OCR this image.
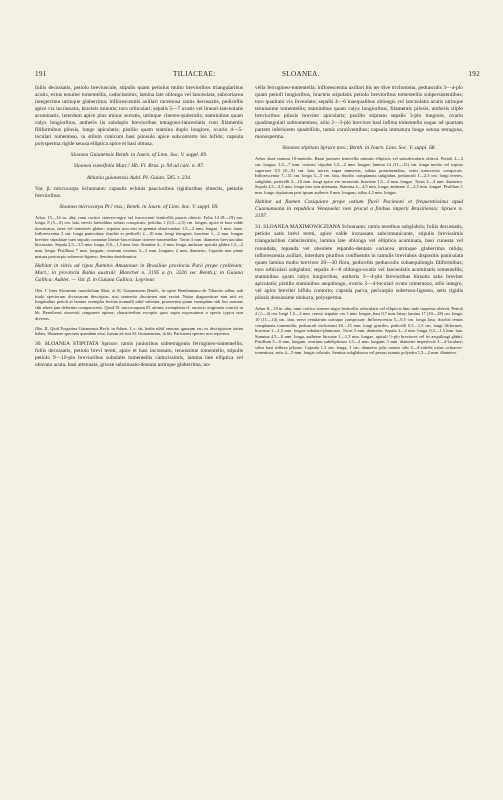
191	TILIACEAE:	SLOANEA.	192

foliis decussatis, petiolo breviuscule, stipulis quam petiolus multo brevioribus triangularibus acutis, extus tenuiter tomentellis, caducissimis, lamina late oblonga vel lanceolata, subcoriacea integerrima utrinque glaberrima; inflorescentiis axillari racemosa ramis decussatis, pedicellis apice vix incrassatis, bracteis minutis; toro orbiculari; sepalis 5—7 ovatis vel lineari-lanceolatis acuminatis, interdum apice plus minus serratis, utrinque cinereo-puberulis; staminibus quam calyx longioribus, antheris iis subduplo brevioribus tetragono-lanceolatis cum filamentis filiformibus pilosis, longe apiculatis; pistillo quam stamina duplo longiore, ovario 4—5-loculari tomentoso, in stilum conicum basi pilosulo apice subcontorto bis bifido; capsula polysperma rigide setosa elliptica apice et basi obtusa.

Sloanea Guianensis Benth. in Journ. of Linn. Soc. V. suppl. 69.

Sloanea cuneifolia Mart.! Hb. Fl. Bras. p. 94 ad calc. n. 87.

Ablania guianensis Aubl. Pl. Guian. 585. t. 234.

Var. β. microcarpa Schumann: capsulis echinis paucioribus rigidioribus obtectis, petiolis brevioribus.

Sloanea microcarpa Pl.! mss.; Benth. in Journ. of Linn. Soc. V. suppl. 69.

Arbor 15—16 m. alta; rami cortice cinereo-nigro vel fuscescenti lenticellis paucis obtecti. Folia 14 (8—19) cm. longa, 8 (5—8) cm. lata, nervis lateralibus subtus conspicuis; petiolus 1 (0,5—2,5) cm. longus, apice et basi valde incrassatus, teres vel semiteres glaber; stipulae non nisi in gemma observandae 1,5—2 mm. longae, 1 mm. latae. Inflorescentia 5 cm. longa paniculata; rhachis et pedicelli 2—10 mm. longi tetragoni, bracteae 1—2 mm. longae breviter stipulatae cum stipulis connatae lineari-lanceolatae cinereo-tomentellae. Torus 3 mm. diametro breviusculus bicostatus. Sepala 2,5—3,5 mm. longa, 0,8—1,5 mm. lata. Stamina 4—5 mm. longa, antherae apicula glabra 1,5—2 mm. longa. Pistillum 7 mm. longum; ovarium ovatum 3—3 mm. longum, 2 mm. diametro. Capsula non plane matura pericarpio suberoso-ligneso. Semina desiderantur.

Habitat in silvis ad ripas fluminis Amazonae in Brasiliae provincia Pará prope cynlleiam: Mart.; in provincia Bahia australi: Blanchet n. 3195 a (n. 3326 sec Benth.); in Guiana Gallica: Aublet. — Var. β. in Guiana Gallica: Leprieur.

Obs. I. Inter Sloaneam cuneifoliam Mart. et Sl. Guianensem Benth., in opere Bentlamiano de Tiliaceis adhuc sub titulo speciorum divorsarum descriptas, nisi sententia discrimen non exstat. Notae diagnosticae non nisi ex longitudine petioli et lamina exemplar levitus nonnulli nihil valentur, praesertim quum exemplum sub hoc nomine sibi altera jam deformis comparaveris. Quod Sl. microcarpam Pl. attinet, exemplaria cl. auctoris originaria cum tis in hb. Benoliensi asservati congruere opinor; characteribus exceptis quos supra exposuimus a specie typica non diversis.

Obs. II. Quid Forgetina Guianensis Bech. in Adans. I. c. sit, hodie nihil omnino ignotum est; ex descriptione tatum habes, Sloaneae speciem quandam esse, forsan ad sint Sl. Guianensem; in hb. Parisiensi species non reperitur.

30. SLOANEA STIPITATA Spruce: ramis junioribus subtetragonis ferrugineo-tomentellis; foliis decussatis, petiolo brevi tereti, apice et basi incrassato, tenuissime tomentello, stipulis petiolo 9—10-plo brevioribus subulatis tomentellis caducissimis, lamina late elliptica vel obovata acuta, basi attenuata, grosse subsinuato-dentata utrinque glaberrima, no-

vella ferrugineo-tomentella; inflorescentia axillari bis ter dive trichotoma, pedunculis 3—4-plo quam petioli longioribus, bracteis stipulatis petiolo brevioribus tomentellis subpersistentibus; toro quadrato vix foveolato; sepalis 4—6 inaequalibus oblongis vel lanceolatis acutis utrinque tenuissime tomentellis; staminibus quam calyx longioribus, filamentis pilosis, antheris triplo brevioribus pilosis breviter apiculatis; pistillo stipitato sepalis 3-plo longiore, ovario quadrangulari subtomentoso, stilo 2—3-plo breviore basi infima tomentello usque ad quartam partem inferiorem quadrifido, ramis conniventibus; capsula immatura longe setosa tetragona, monosperma.

Sloanea stipitata Spruce mss.; Benth. in Journ. Linn. Soc. V. suppl. 68.

Arbor duae ramosa 10-metralis. Rami juniores lenticellis minutis ellipticis vel suborbicularis obtecti. Petioli 2—3 cm. longus, 1,5—7 mm. crassus; stipulae 1,5—2 mm. longae; lamina 14 (11—15) cm. longa medio vel tripoto superiore 9,5 (8—9) cm. lata, nervis supra immersis, subtus prominentibus, venis transversis conspicuis. Inflorescentia 7—11 cm. longa 3—5 cm. lata, rhachis complanata subglabra, pedunculi 1—2,5 cm. longi teretes, subglabri, pedicelli 3—10 mm. longi apice vix incrassati; bracteae 1,5—2 mm. longae. Torus 3—4 mm. diametro. Sepala 2,5—3,5 mm. longa imo non attenuata. Stamina 4—4,5 mm. longa, antherae 2—2,5 mm. longae. Pistillum 1 mm. longo stipitatum post ipsam antheris 8 mm. longum, stilus 4,5 mm. longus.

Habitat ad flumen Casiquiare prope ostium fluvii Pacimoni et frequentissima apud Cuamunuuna in republica Venezuela: non procul a finibus imperii Brasiliensis: Spruce n. 3197.

31. SLOANEA MAXIMOWICZIANA Schumann: ramis teretibus subglabris; foliis decussatis, petiolo satis brevi tereti, apice valde incrassato subcomunicante, stipulis brevissimis triangularibus caducissimis, lamina late oblonga vel elliptica acuminata, basi cuneata vel rotundata, repanda vel obsolete repando-dentata coriacea utrinque glaberrima nitida; inflorescentia axillari, interdum pluribus confluentis in ramulis breviubus dispositis paniculata quam lamina multo breviore 20—30 flora, pedicellis pedunculis subaequilongis filiformibus; toro orbiculari subglabro; sepalis 4—6 oblongo-ovatis vel lanceolatis acuminatis tomentellis; staminibus quam calyx longioribus, antheris 3—4-plo brevioribus hirsutis satis breviter apiculatis; pistillo staminibus aequilongo, ovario 3—4-loculari ovato tomentoso, stilo integro, vel apice breviter bifido contorto; capsula parva, pericarpio suberoso-ligneso, setis rigidis pilosis densissime obducta, polysperma.

Arbor 8—10 m. alta, rami cortico cinereo-nigro lenticellis orbiculatis vel ellipticis hinc inde inspersis obtecti. Petioli 2 (1—4) cm. longi 1,5—2 mm. crassi; stipulae vix 1 mm. longae, basi 0,7 mm. latae; lamina 17 (10—28) cm. longa, 10 (11—14) cm. lata, nervi venularum utrinque conspicuae. Inflorescentia 5—9,5 cm. longa laxa, rhachis tenuis complanata tomentella; pedunculi trichotomi 10—15 mm. longi graciles, pedicelli 0,5—1,5 cm. longi filiformes, bracteae 1—1,5 mm. longae subulato-plumosae. Torus 3 mm. diametro. Sepala 3—4 mm. longa, 0,5—1,5 mm. lata. Stamina 4,5—6 mm. longa, antherae hirsutae 1—1,5 mm. longae, apiculi ½-plo breviores vel iis aequilongi glabri. Pistillum 5—6 mm. longum, ovarium subelipticum 1,5—2 mm. longum, 1 mm. diametro imperfecte 3—4-loculare; stilus basi inflexa pilosus. Capsula 1,3 cm. longa, 1 cm. diametro pilis nonnis sibi 3—4-validis extus ochraceo-tomentosa, setis 4—5 mm. longis cribratis. Semina subglabrosa vel pessus nonnis polyedra 1,5—2 mm. diametro.
